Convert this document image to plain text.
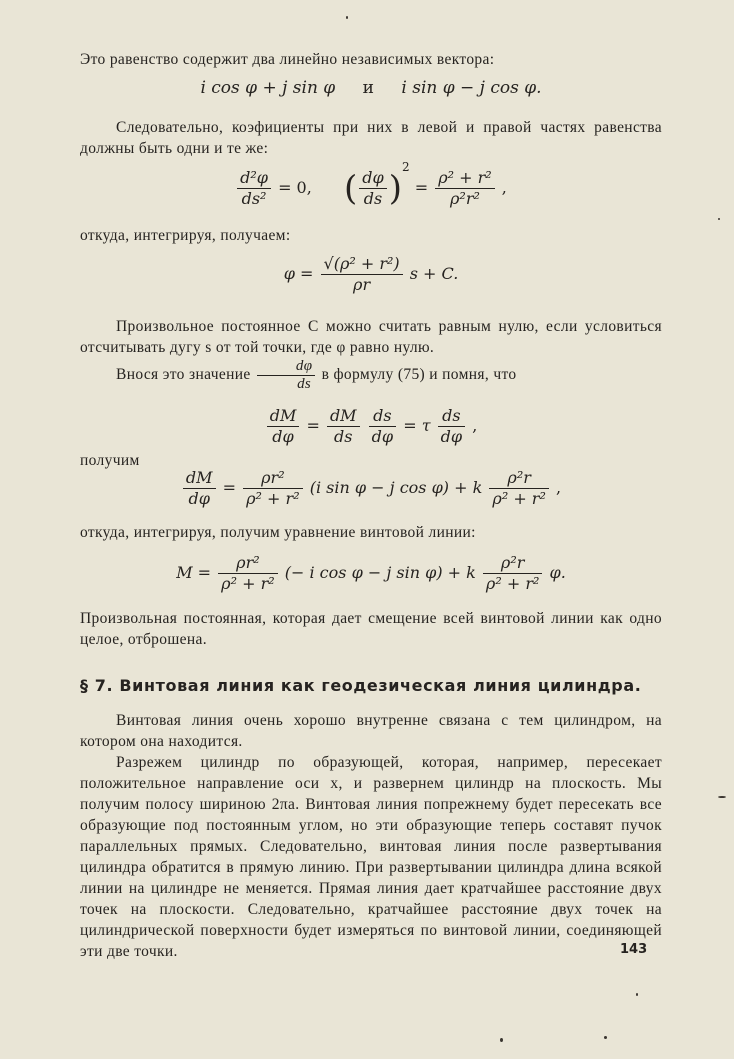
Это равенство содержит два линейно независимых вектора:

i cos φ + j sin φ и i sin φ − j cos φ.

Следовательно, коэфициенты при них в левой и правой частях равенства должны быть одни и те же:

$\frac{\text{d²φ}}{\text{ds²}} = 0$, ( $\frac{d\varphi}{ds} )^2 = \frac{\text{ρ² + r²}}{\text{ρ²r²}}$ ,

откуда, интегрируя, получаем:

$\varphi = \frac{\text{√(ρ² + r²)}}{\rho r}$ s + C.

Произвольное постоянное C можно считать равным нулю, если условиться отсчитывать дугу s от той точки, где φ равно нулю.

Внося это значение $\frac{d\varphi}{ds}$ в формулу (75) и помня, что
$\frac{dM}{d\varphi} = \frac{dM}{ds}$
$\frac{ds}{d\varphi} = \tau \frac{ds}{d\varphi}$ ,

получим

$\frac{dM}{d\varphi} = \frac{\text{ρr²}}{\text{ρ² + r²}} (i$ sin φ − j cos φ) + k $\frac{\text{ρ²r}}{\text{ρ² + r²}}$ ,

откуда, интегрируя, получим уравнение винтовой линии:

$M = \frac{\text{ρr²}}{\text{ρ² + r²}}$ (− i cos φ − j sin φ) + k $\frac{\text{ρ²r}}{\text{ρ² + r²}} \varphi$.

Произвольная постоянная, которая дает смещение всей винтовой линии как одно целое, отброшена.

§ 7. Винтовая линия как геодезическая линия цилиндра.

Винтовая линия очень хорошо внутренне связана с тем цилиндром, на котором она находится.

Разрежем цилиндр по образующей, которая, например, пересекает положительное направление оси x, и развернем цилиндр на плоскость. Мы получим полосу шириною 2πa. Винтовая линия попрежнему будет пересекать все образующие под постоянным углом, но эти образующие теперь составят пучок параллельных прямых. Следовательно, винтовая линия после развертывания цилиндра обратится в прямую линию. При развертывании цилиндра длина всякой линии на цилиндре не меняется. Прямая линия дает кратчайшее расстояние двух точек на плоскости. Следовательно, кратчайшее расстояние двух точек на цилиндрической поверхности будет измеряться по винтовой линии, соединяющей эти две точки.	143
